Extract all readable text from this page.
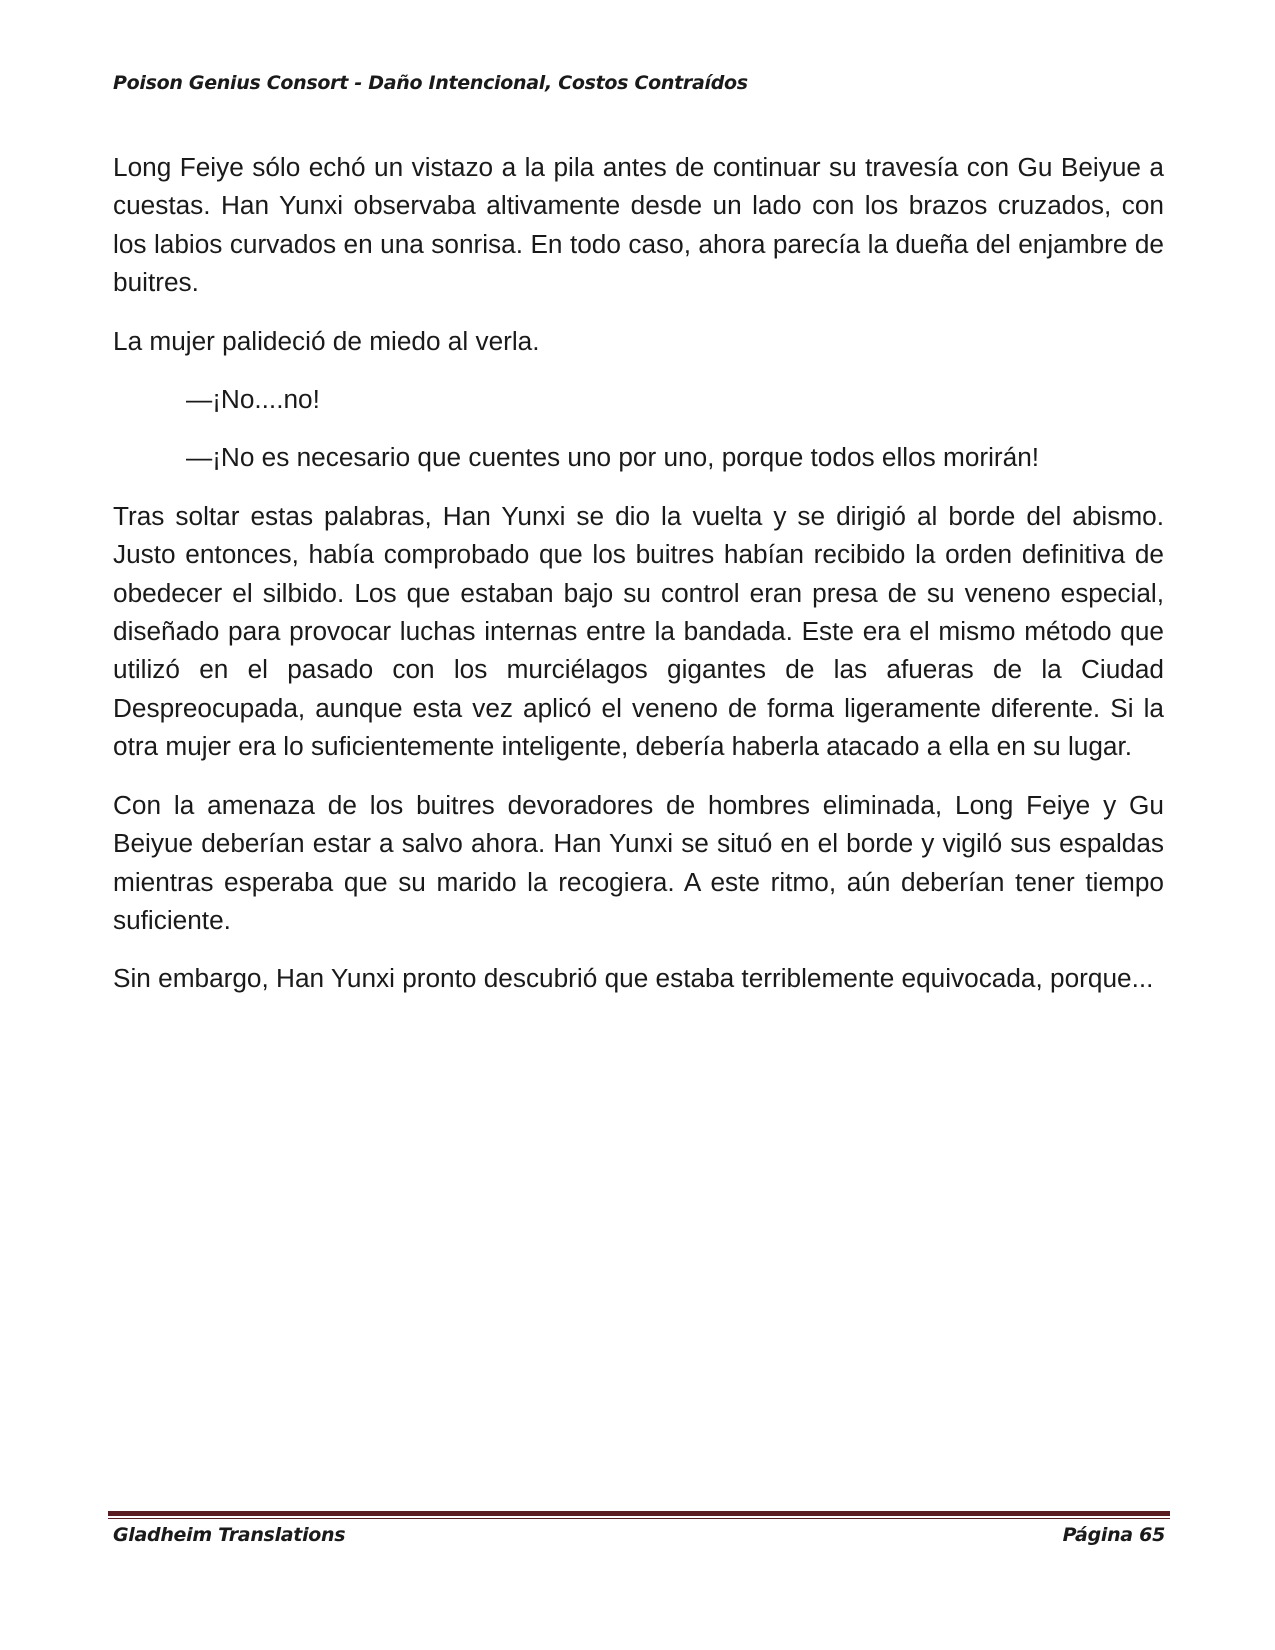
Poison Genius Consort - Daño Intencional, Costos Contraídos

Long Feiye sólo echó un vistazo a la pila antes de continuar su travesía con Gu Beiyue a cuestas. Han Yunxi observaba altivamente desde un lado con los brazos cruzados, con los labios curvados en una sonrisa. En todo caso, ahora parecía la dueña del enjambre de buitres.

La mujer palideció de miedo al verla.

—¡No....no!

—¡No es necesario que cuentes uno por uno, porque todos ellos morirán!

Tras soltar estas palabras, Han Yunxi se dio la vuelta y se dirigió al borde del abismo. Justo entonces, había comprobado que los buitres habían recibido la orden definitiva de obedecer el silbido. Los que estaban bajo su control eran presa de su veneno especial, diseñado para provocar luchas internas entre la bandada. Este era el mismo método que utilizó en el pasado con los murciélagos gigantes de las afueras de la Ciudad Despreocupada, aunque esta vez aplicó el veneno de forma ligeramente diferente. Si la otra mujer era lo suficientemente inteligente, debería haberla atacado a ella en su lugar.

Con la amenaza de los buitres devoradores de hombres eliminada, Long Feiye y Gu Beiyue deberían estar a salvo ahora. Han Yunxi se situó en el borde y vigiló sus espaldas mientras esperaba que su marido la recogiera. A este ritmo, aún deberían tener tiempo suficiente.

Sin embargo, Han Yunxi pronto descubrió que estaba terriblemente equivocada, porque...

Gladheim Translations	Página 65
